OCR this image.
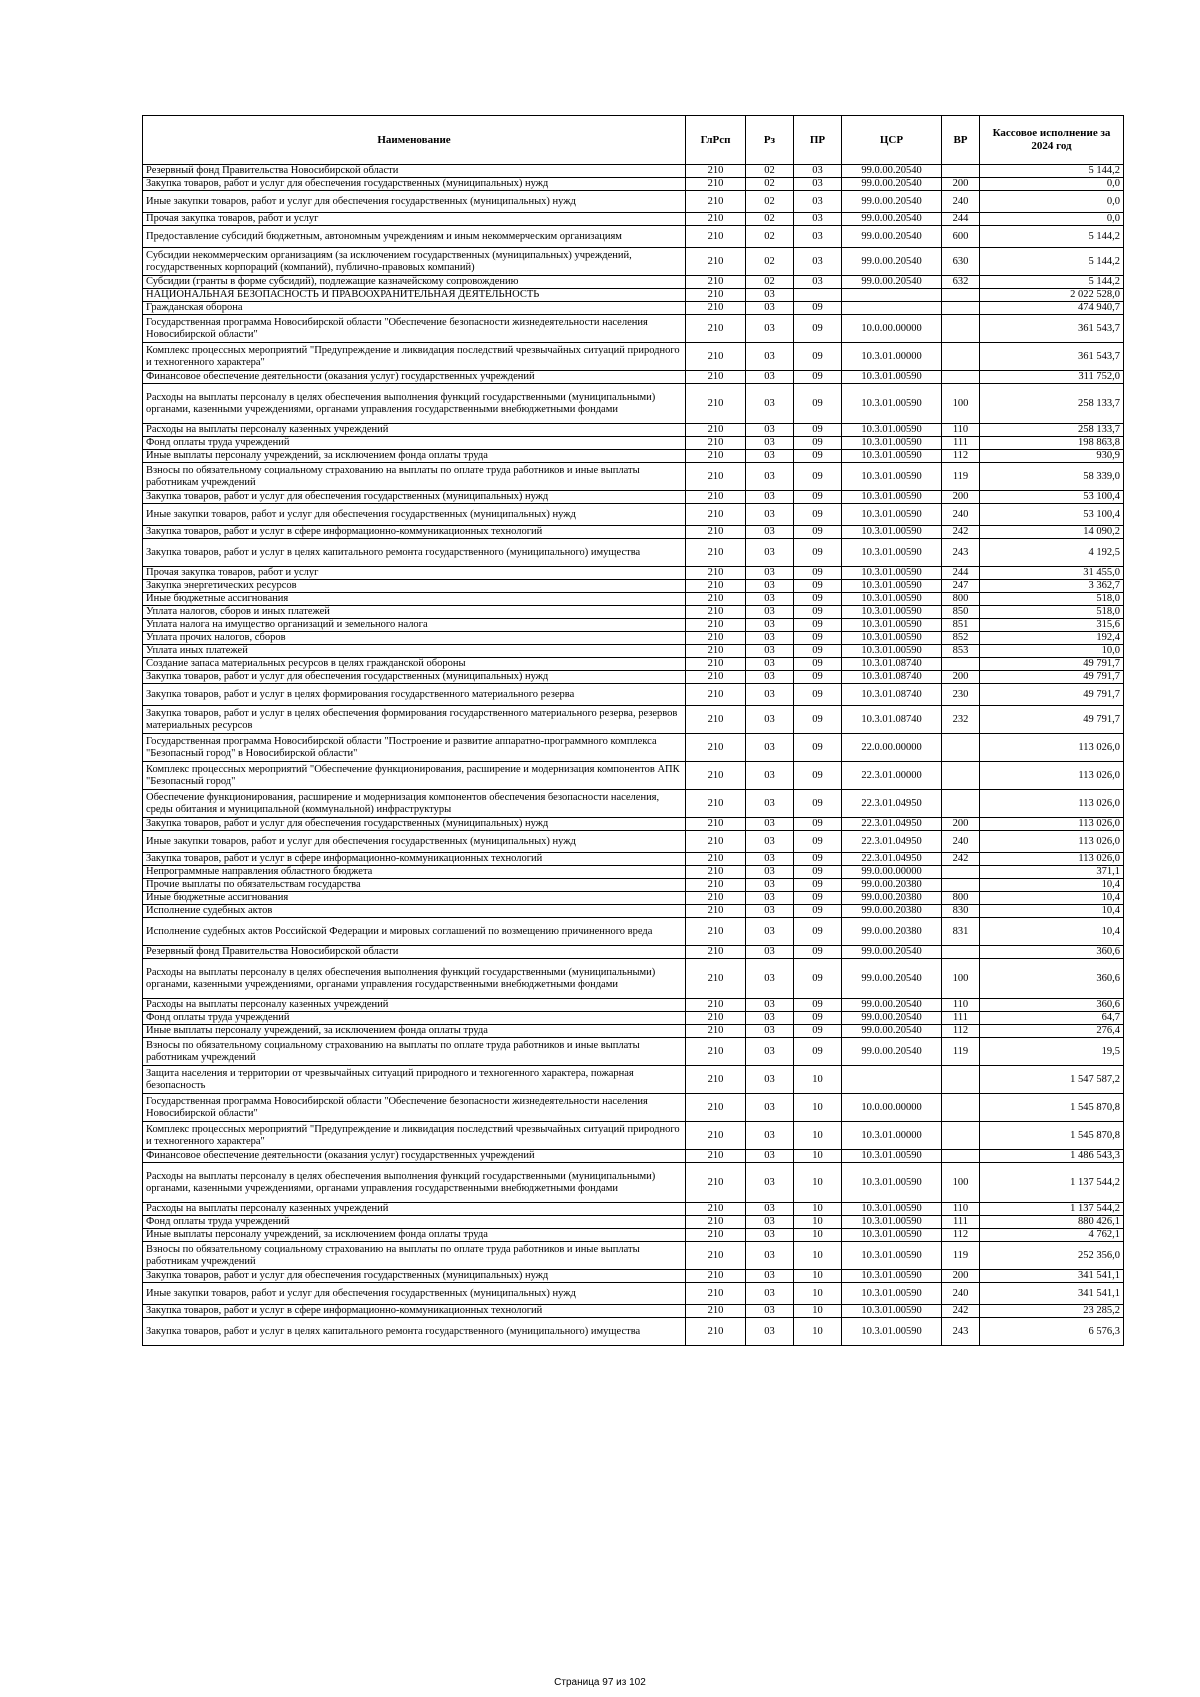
Наименование	ГлРсп	Рз	ПР	ЦСР	ВР	Кассовое исполнение за 2024 год
Резервный фонд Правительства Новосибирской области	210	02	03	99.0.00.20540		5 144,2
Закупка товаров, работ и услуг для обеспечения государственных (муниципальных) нужд	210	02	03	99.0.00.20540	200	0,0
Иные закупки товаров, работ и услуг для обеспечения государственных (муниципальных) нужд	210	02	03	99.0.00.20540	240	0,0
Прочая закупка товаров, работ и услуг	210	02	03	99.0.00.20540	244	0,0
Предоставление субсидий бюджетным, автономным учреждениям и иным некоммерческим организациям	210	02	03	99.0.00.20540	600	5 144,2
Субсидии некоммерческим организациям (за исключением государственных (муниципальных) учреждений, государственных корпораций (компаний), публично-правовых компаний)	210	02	03	99.0.00.20540	630	5 144,2
Субсидии (гранты в форме субсидий), подлежащие казначейскому сопровождению	210	02	03	99.0.00.20540	632	5 144,2
НАЦИОНАЛЬНАЯ БЕЗОПАСНОСТЬ И ПРАВООХРАНИТЕЛЬНАЯ ДЕЯТЕЛЬНОСТЬ	210	03				2 022 528,0
Гражданская оборона	210	03	09			474 940,7
Государственная программа Новосибирской области "Обеспечение безопасности жизнедеятельности населения Новосибирской области"	210	03	09	10.0.00.00000		361 543,7
Комплекс процессных мероприятий "Предупреждение и ликвидация последствий чрезвычайных ситуаций природного и техногенного характера"	210	03	09	10.3.01.00000		361 543,7
Финансовое обеспечение деятельности (оказания услуг) государственных учреждений	210	03	09	10.3.01.00590		311 752,0
Расходы на выплаты персоналу в целях обеспечения выполнения функций государственными (муниципальными) органами, казенными учреждениями, органами управления государственными внебюджетными фондами	210	03	09	10.3.01.00590	100	258 133,7
Расходы на выплаты персоналу казенных учреждений	210	03	09	10.3.01.00590	110	258 133,7
Фонд оплаты труда учреждений	210	03	09	10.3.01.00590	111	198 863,8
Иные выплаты персоналу учреждений, за исключением фонда оплаты труда	210	03	09	10.3.01.00590	112	930,9
Взносы по обязательному социальному страхованию на выплаты по оплате труда работников и иные выплаты работникам учреждений	210	03	09	10.3.01.00590	119	58 339,0
Закупка товаров, работ и услуг для обеспечения государственных (муниципальных) нужд	210	03	09	10.3.01.00590	200	53 100,4
Иные закупки товаров, работ и услуг для обеспечения государственных (муниципальных) нужд	210	03	09	10.3.01.00590	240	53 100,4
Закупка товаров, работ и услуг в сфере информационно-коммуникационных технологий	210	03	09	10.3.01.00590	242	14 090,2
Закупка товаров, работ и услуг в целях капитального ремонта государственного (муниципального) имущества	210	03	09	10.3.01.00590	243	4 192,5
Прочая закупка товаров, работ и услуг	210	03	09	10.3.01.00590	244	31 455,0
Закупка энергетических ресурсов	210	03	09	10.3.01.00590	247	3 362,7
Иные бюджетные ассигнования	210	03	09	10.3.01.00590	800	518,0
Уплата налогов, сборов и иных платежей	210	03	09	10.3.01.00590	850	518,0
Уплата налога на имущество организаций и земельного налога	210	03	09	10.3.01.00590	851	315,6
Уплата прочих налогов, сборов	210	03	09	10.3.01.00590	852	192,4
Уплата иных платежей	210	03	09	10.3.01.00590	853	10,0
Создание запаса материальных ресурсов в целях гражданской обороны	210	03	09	10.3.01.08740		49 791,7
Закупка товаров, работ и услуг для обеспечения государственных (муниципальных) нужд	210	03	09	10.3.01.08740	200	49 791,7
Закупка товаров, работ и услуг в целях формирования государственного материального резерва	210	03	09	10.3.01.08740	230	49 791,7
Закупка товаров, работ и услуг в целях обеспечения формирования государственного материального резерва, резервов материальных ресурсов	210	03	09	10.3.01.08740	232	49 791,7
Государственная программа Новосибирской области "Построение и развитие аппаратно-программного комплекса "Безопасный город" в Новосибирской области"	210	03	09	22.0.00.00000		113 026,0
Комплекс процессных мероприятий "Обеспечение функционирования, расширение и модернизация компонентов АПК "Безопасный город"	210	03	09	22.3.01.00000		113 026,0
Обеспечение функционирования, расширение и модернизация компонентов обеспечения безопасности населения, среды обитания и муниципальной (коммунальной) инфраструктуры	210	03	09	22.3.01.04950		113 026,0
Закупка товаров, работ и услуг для обеспечения государственных (муниципальных) нужд	210	03	09	22.3.01.04950	200	113 026,0
Иные закупки товаров, работ и услуг для обеспечения государственных (муниципальных) нужд	210	03	09	22.3.01.04950	240	113 026,0
Закупка товаров, работ и услуг в сфере информационно-коммуникационных технологий	210	03	09	22.3.01.04950	242	113 026,0
Непрограммные направления областного бюджета	210	03	09	99.0.00.00000		371,1
Прочие выплаты по обязательствам государства	210	03	09	99.0.00.20380		10,4
Иные бюджетные ассигнования	210	03	09	99.0.00.20380	800	10,4
Исполнение судебных актов	210	03	09	99.0.00.20380	830	10,4
Исполнение судебных актов Российской Федерации и мировых соглашений по возмещению причиненного вреда	210	03	09	99.0.00.20380	831	10,4
Резервный фонд Правительства Новосибирской области	210	03	09	99.0.00.20540		360,6
Расходы на выплаты персоналу в целях обеспечения выполнения функций государственными (муниципальными) органами, казенными учреждениями, органами управления государственными внебюджетными фондами	210	03	09	99.0.00.20540	100	360,6
Расходы на выплаты персоналу казенных учреждений	210	03	09	99.0.00.20540	110	360,6
Фонд оплаты труда учреждений	210	03	09	99.0.00.20540	111	64,7
Иные выплаты персоналу учреждений, за исключением фонда оплаты труда	210	03	09	99.0.00.20540	112	276,4
Взносы по обязательному социальному страхованию на выплаты по оплате труда работников и иные выплаты работникам учреждений	210	03	09	99.0.00.20540	119	19,5
Защита населения и территории от чрезвычайных ситуаций природного и техногенного характера, пожарная безопасность	210	03	10			1 547 587,2
Государственная программа Новосибирской области "Обеспечение безопасности жизнедеятельности населения Новосибирской области"	210	03	10	10.0.00.00000		1 545 870,8
Комплекс процессных мероприятий "Предупреждение и ликвидация последствий чрезвычайных ситуаций природного и техногенного характера"	210	03	10	10.3.01.00000		1 545 870,8
Финансовое обеспечение деятельности (оказания услуг) государственных учреждений	210	03	10	10.3.01.00590		1 486 543,3
Расходы на выплаты персоналу в целях обеспечения выполнения функций государственными (муниципальными) органами, казенными учреждениями, органами управления государственными внебюджетными фондами	210	03	10	10.3.01.00590	100	1 137 544,2
Расходы на выплаты персоналу казенных учреждений	210	03	10	10.3.01.00590	110	1 137 544,2
Фонд оплаты труда учреждений	210	03	10	10.3.01.00590	111	880 426,1
Иные выплаты персоналу учреждений, за исключением фонда оплаты труда	210	03	10	10.3.01.00590	112	4 762,1
Взносы по обязательному социальному страхованию на выплаты по оплате труда работников и иные выплаты работникам учреждений	210	03	10	10.3.01.00590	119	252 356,0
Закупка товаров, работ и услуг для обеспечения государственных (муниципальных) нужд	210	03	10	10.3.01.00590	200	341 541,1
Иные закупки товаров, работ и услуг для обеспечения государственных (муниципальных) нужд	210	03	10	10.3.01.00590	240	341 541,1
Закупка товаров, работ и услуг в сфере информационно-коммуникационных технологий	210	03	10	10.3.01.00590	242	23 285,2
Закупка товаров, работ и услуг в целях капитального ремонта государственного (муниципального) имущества	210	03	10	10.3.01.00590	243	6 576,3
Страница 97 из 102
